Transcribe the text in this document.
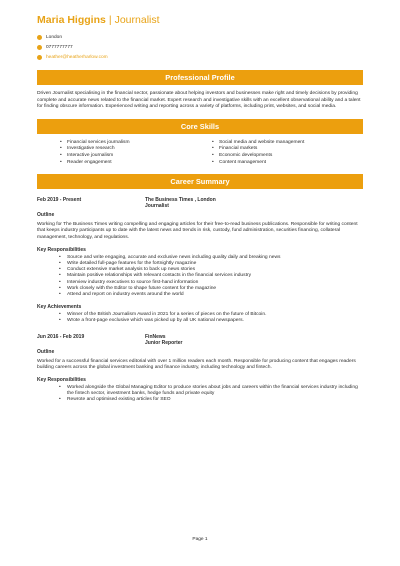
Maria Higgins | Journalist
London
0777777777
heather@heatherharlow.com
Professional Profile
Driven Journalist specialising in the financial sector, passionate about helping investors and businesses make right and timely decisions by providing complete and accurate news related to the financial market. Expert research and investigative skills with an excellent observational ability and a talent for finding obscure information. Experienced writing and reporting across a variety of platforms, including print, websites, and social media.
Core Skills
• Financial services journalism
• Investigative research
• Interactive journalism
• Reader engagement
• Social media and website management
• Financial markets
• Economic developments
• Content management
Career Summary
Feb 2019 - Present	The Business Times , London
Journalist
Outline
Working for The Business Times writing compelling and engaging articles for their free-to-read business publications. Responsible for writing content that keeps industry participants up to date with the latest news and trends in risk, custody, fund administration, securities financing, collateral management, technology, and regulations.
Key Responsibilities
• Source and write engaging, accurate and exclusive news including quality daily and breaking news
• Write detailed full-page features for the fortnightly magazine
• Conduct extensive market analysis to back up news stories
• Maintain positive relationships with relevant contacts in the financial services industry
• Interview industry executives to source first-hand information
• Work closely with the Editor to shape future content for the magazine
• Attend and report on industry events around the world
Key Achievements
• Winner of the British Journalism Award in 2021 for a series of pieces on the future of Bitcoin.
• Wrote a front-page exclusive which was picked up by all UK national newspapers.
Jun 2016 - Feb 2019	FinNews
Junior Reporter
Outline
Worked for a successful financial services editorial with over 1 million readers each month. Responsible for producing content that engages readers building careers across the global investment banking and finance industry, including technology and fintech.
Key Responsibilities
• Worked alongside the Global Managing Editor to produce stories about jobs and careers within the financial services industry including the fintech sector, investment banks, hedge funds and private equity
• Rewrote and optimised existing articles for SEO
Page 1
